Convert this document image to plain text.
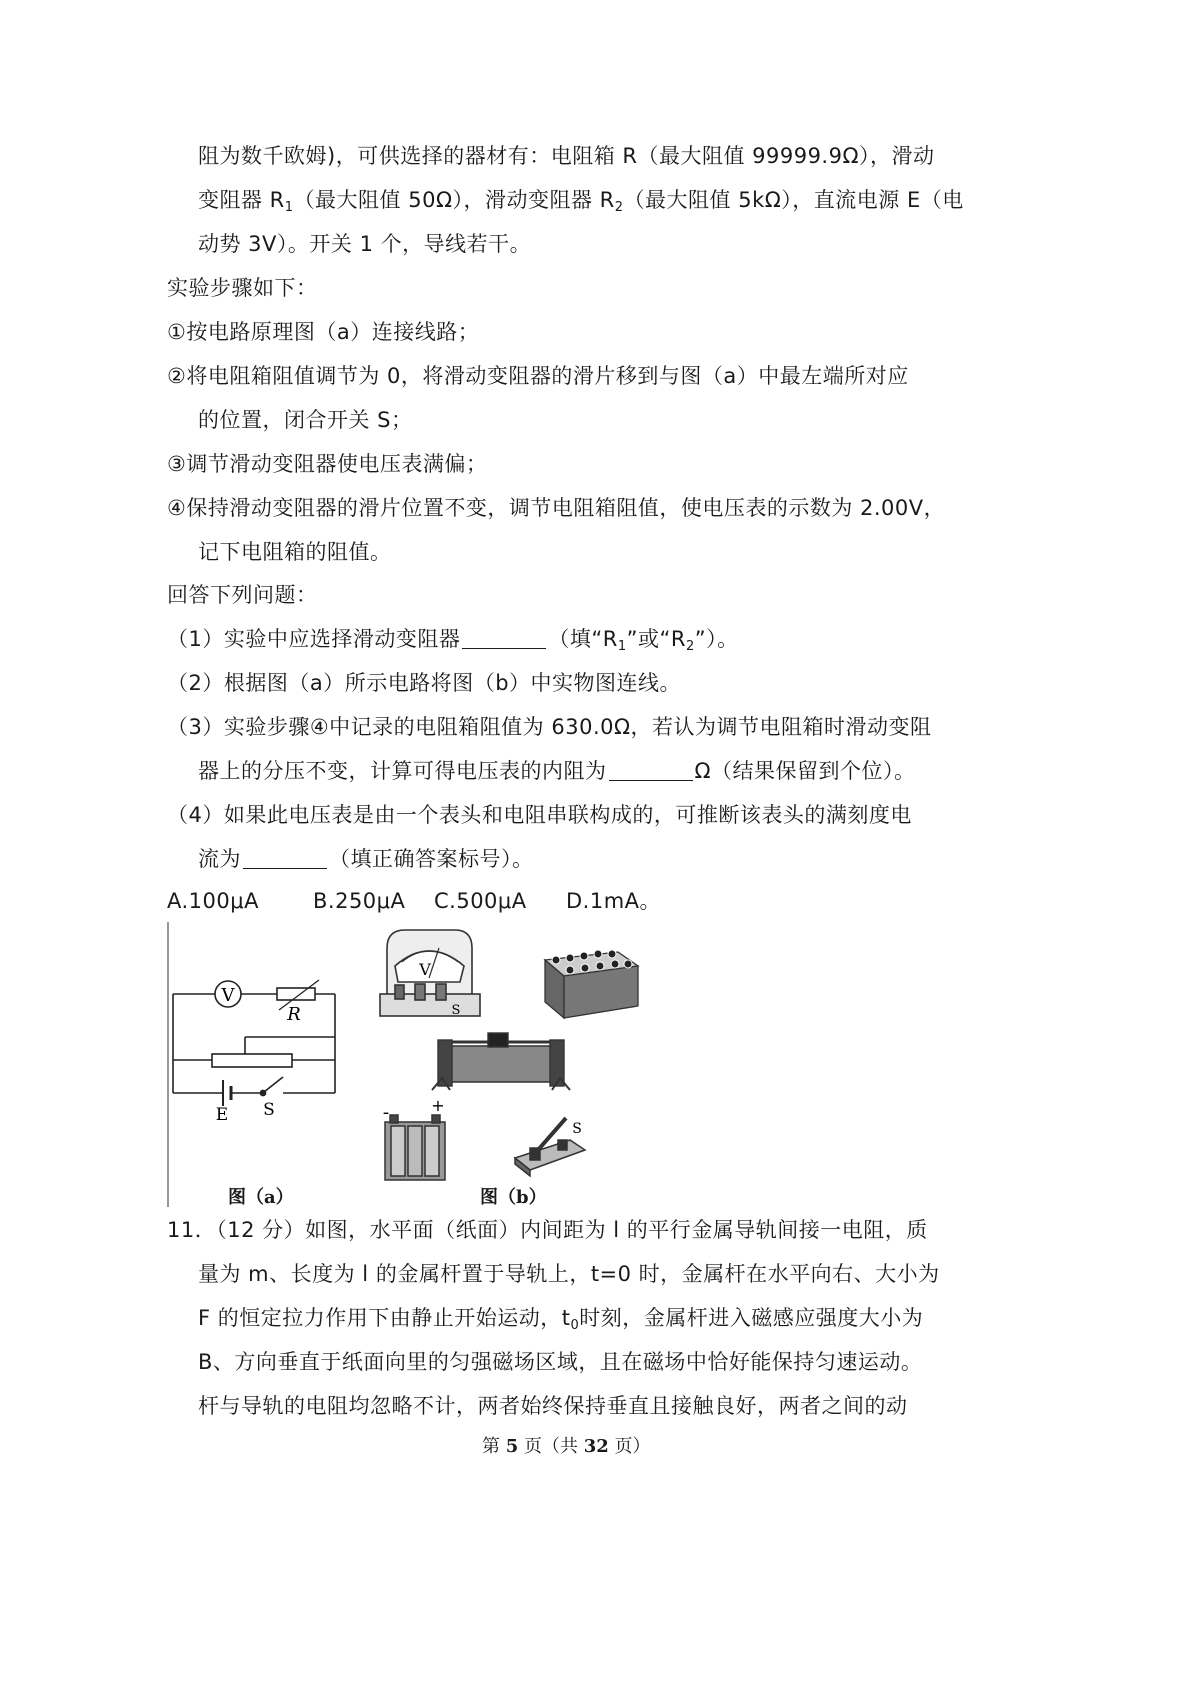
阻为数千欧姆)，可供选择的器材有：电阻箱 R（最大阻值 99999.9Ω），滑动
变阻器 $R_1$（最大阻值 50Ω），滑动变阻器 $R_2$（最大阻值 5kΩ），直流电源 E（电
动势 3V）。开关 1 个，导线若干。
实验步骤如下：
①按电路原理图（a）连接线路；
②将电阻箱阻值调节为 0，将滑动变阻器的滑片移到与图（a）中最左端所对应
的位置，闭合开关 S；
③调节滑动变阻器使电压表满偏；
④保持滑动变阻器的滑片位置不变，调节电阻箱阻值，使电压表的示数为 2.00V，
记下电阻箱的阻值。
回答下列问题：
（1）实验中应选择滑动变阻器	（填“$R_1$”或“$R_2$”）。
（2）根据图（a）所示电路将图（b）中实物图连线。
（3）实验步骤④中记录的电阻箱阻值为 630.0Ω，若认为调节电阻箱时滑动变阻
器上的分压不变，计算可得电压表的内阻为	Ω（结果保留到个位）。
（4）如果此电压表是由一个表头和电阻串联构成的，可推断该表头的满刻度电
流为	（填正确答案标号）。
A.100μA	B.250μA C.500μA D.1mA。
V
R
E S
V
S
-	+
S
图（a）	图（b）
11．（12 分）如图，水平面（纸面）内间距为 l 的平行金属导轨间接一电阻，质
量为 m、长度为 l 的金属杆置于导轨上，t=0 时，金属杆在水平向右、大小为
F 的恒定拉力作用下由静止开始运动，$t_0$时刻，金属杆进入磁感应强度大小为
B、方向垂直于纸面向里的匀强磁场区域，且在磁场中恰好能保持匀速运动。
杆与导轨的电阻均忽略不计，两者始终保持垂直且接触良好，两者之间的动
第 5 页（共 32 页）
